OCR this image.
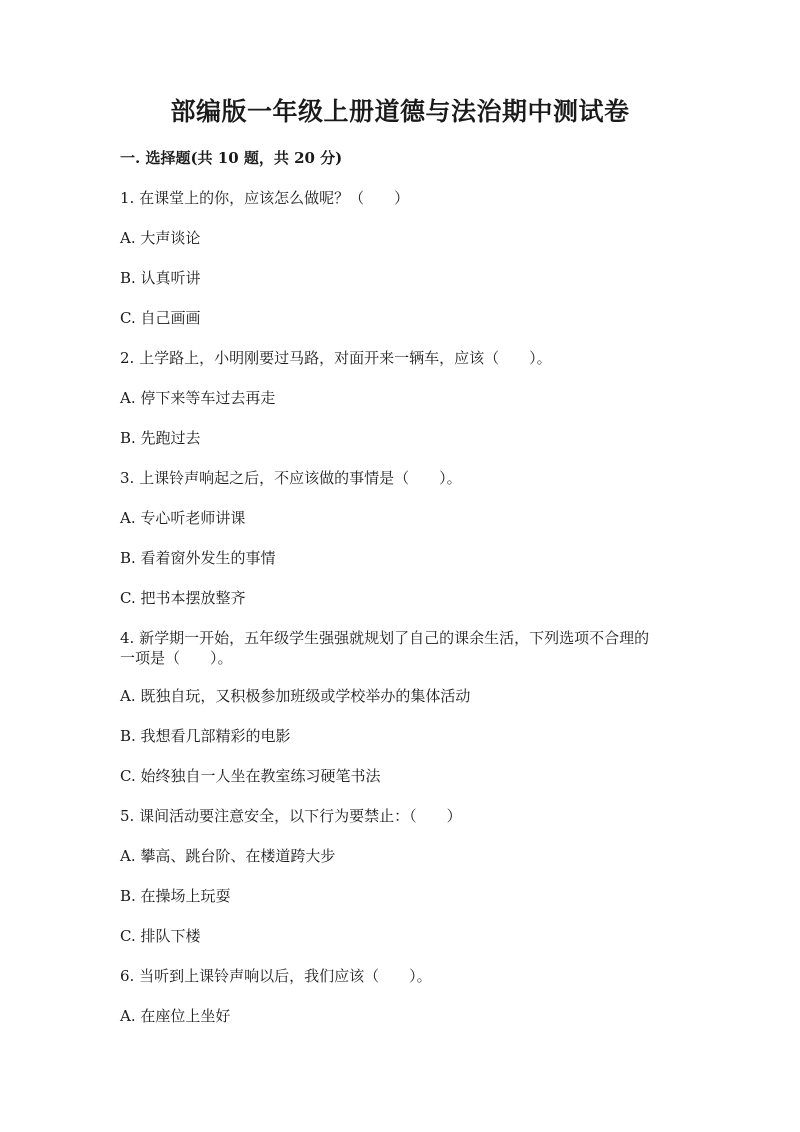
部编版一年级上册道德与法治期中测试卷
一. 选择题(共 10 题，共 20 分)
1. 在课堂上的你，应该怎么做呢？（　　）
A. 大声谈论
B. 认真听讲
C. 自己画画
2. 上学路上，小明刚要过马路，对面开来一辆车，应该（　　）。
A. 停下来等车过去再走
B. 先跑过去
3. 上课铃声响起之后，不应该做的事情是（　　）。
A. 专心听老师讲课
B. 看着窗外发生的事情
C. 把书本摆放整齐
4. 新学期一开始，五年级学生强强就规划了自己的课余生活，下列选项不合理的一项是（　　）。
A. 既独自玩，又积极参加班级或学校举办的集体活动
B. 我想看几部精彩的电影
C. 始终独自一人坐在教室练习硬笔书法
5. 课间活动要注意安全，以下行为要禁止：（　　）
A. 攀高、跳台阶、在楼道跨大步
B. 在操场上玩耍
C. 排队下楼
6. 当听到上课铃声响以后，我们应该（　　）。
A. 在座位上坐好
